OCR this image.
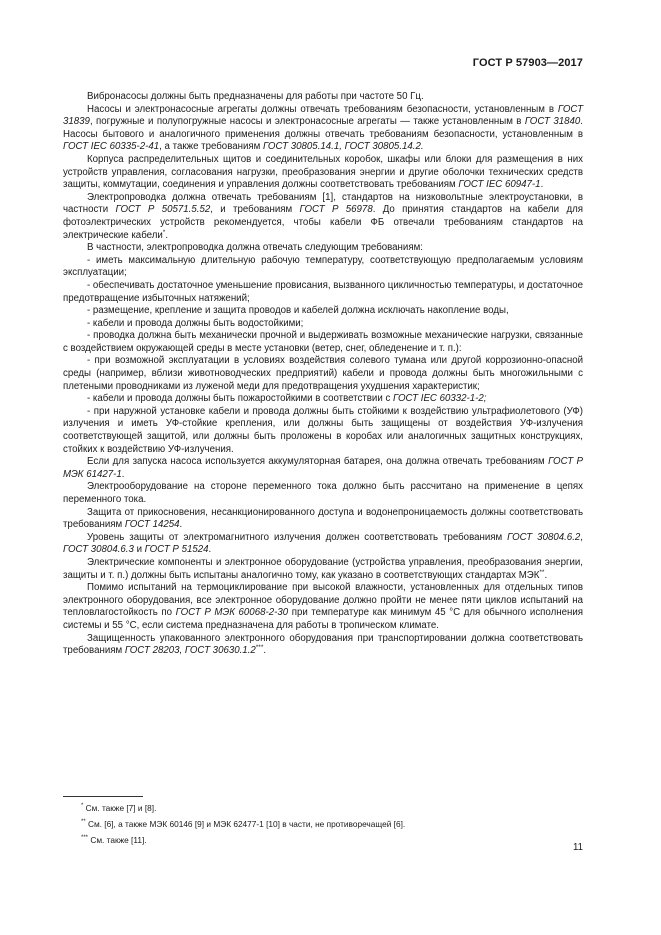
ГОСТ Р 57903—2017

Вибронасосы должны быть предназначены для работы при частоте 50 Гц.

Насосы и электронасосные агрегаты должны отвечать требованиям безопасности, установленным в ГОСТ 31839, погружные и полупогружные насосы и электронасосные агрегаты — также установленным в ГОСТ 31840. Насосы бытового и аналогичного применения должны отвечать требованиям безопасности, установленным в ГОСТ IEC 60335-2-41, а также требованиям ГОСТ 30805.14.1, ГОСТ 30805.14.2.

Корпуса распределительных щитов и соединительных коробок, шкафы или блоки для размещения в них устройств управления, согласования нагрузки, преобразования энергии и другие оболочки технических средств защиты, коммутации, соединения и управления должны соответствовать требованиям ГОСТ IEC 60947-1.

Электропроводка должна отвечать требованиям [1], стандартов на низковольтные электроустановки, в частности ГОСТ Р 50571.5.52, и требованиям ГОСТ Р 56978. До принятия стандартов на кабели для фотоэлектрических устройств рекомендуется, чтобы кабели ФБ отвечали требованиям стандартов на электрические кабели*.

В частности, электропроводка должна отвечать следующим требованиям:

- иметь максимальную длительную рабочую температуру, соответствующую предполагаемым условиям эксплуатации;

- обеспечивать достаточное уменьшение провисания, вызванного цикличностью температуры, и достаточное предотвращение избыточных натяжений;

- размещение, крепление и защита проводов и кабелей должна исключать накопление воды,

- кабели и провода должны быть водостойкими;

- проводка должна быть механически прочной и выдерживать возможные механические нагрузки, связанные с воздействием окружающей среды в месте установки (ветер, снег, обледенение и т. п.):

- при возможной эксплуатации в условиях воздействия солевого тумана или другой коррозионно-опасной среды (например, вблизи животноводческих предприятий) кабели и провода должны быть многожильными с плетеными проводниками из луженой меди для предотвращения ухудшения характеристик;

- кабели и провода должны быть пожаростойкими в соответствии с ГОСТ IEC 60332-1-2;

- при наружной установке кабели и провода должны быть стойкими к воздействию ультрафиолетового (УФ) излучения и иметь УФ-стойкие крепления, или должны быть защищены от воздействия УФ-излучения соответствующей защитой, или должны быть проложены в коробах или аналогичных защитных конструкциях, стойких к воздействию УФ-излучения.

Если для запуска насоса используется аккумуляторная батарея, она должна отвечать требованиям ГОСТ Р МЭК 61427-1.

Электрооборудование на стороне переменного тока должно быть рассчитано на применение в цепях переменного тока.

Защита от прикосновения, несанкционированного доступа и водонепроницаемость должны соответствовать требованиям ГОСТ 14254.

Уровень защиты от электромагнитного излучения должен соответствовать требованиям ГОСТ 30804.6.2, ГОСТ 30804.6.3 и ГОСТ Р 51524.

Электрические компоненты и электронное оборудование (устройства управления, преобразования энергии, защиты и т. п.) должны быть испытаны аналогично тому, как указано в соответствующих стандартах МЭК**.

Помимо испытаний на термоциклирование при высокой влажности, установленных для отдельных типов электронного оборудования, все электронное оборудование должно пройти не менее пяти циклов испытаний на тепловлагостойкость по ГОСТ Р МЭК 60068-2-30 при температуре как минимум 45 °С для обычного исполнения системы и 55 °С, если система предназначена для работы в тропическом климате.

Защищенность упакованного электронного оборудования при транспортировании должна соответствовать требованиям ГОСТ 28203, ГОСТ 30630.1.2***.

* См. также [7] и [8].

** См. [6], а также МЭК 60146 [9] и МЭК 62477-1 [10] в части, не противоречащей [6].

*** См. также [11].

11
